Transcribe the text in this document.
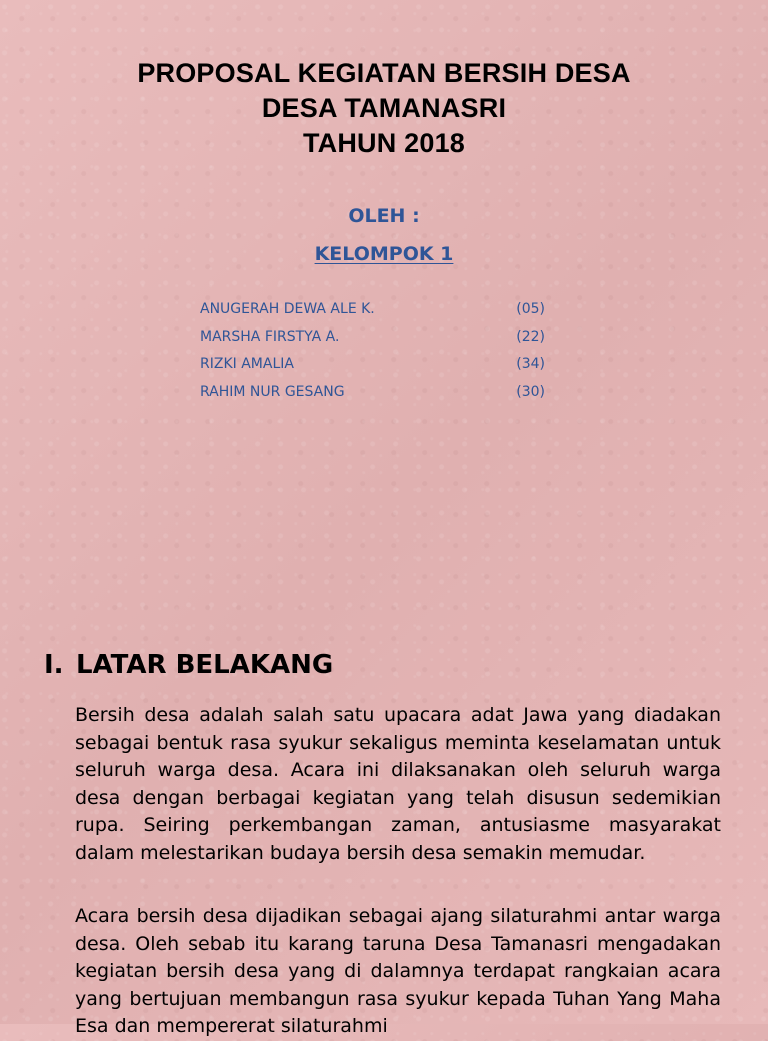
PROPOSAL KEGIATAN BERSIH DESA
DESA TAMANASRI
TAHUN 2018
OLEH :
KELOMPOK 1
ANUGERAH DEWA ALE K.	(05)
MARSHA FIRSTYA A.	(22)
RIZKI AMALIA	(34)
RAHIM NUR GESANG	(30)
I. LATAR BELAKANG
Bersih desa adalah salah satu upacara adat Jawa yang diadakan sebagai bentuk rasa syukur sekaligus meminta keselamatan untuk seluruh warga desa. Acara ini dilaksanakan oleh seluruh warga desa dengan berbagai kegiatan yang telah disusun sedemikian rupa. Seiring perkembangan zaman, antusiasme masyarakat dalam melestarikan budaya bersih desa semakin memudar.
Acara bersih desa dijadikan sebagai ajang silaturahmi antar warga desa. Oleh sebab itu karang taruna Desa Tamanasri mengadakan kegiatan bersih desa yang di dalamnya terdapat rangkaian acara yang bertujuan membangun rasa syukur kepada Tuhan Yang Maha Esa dan mempererat silaturahmi
